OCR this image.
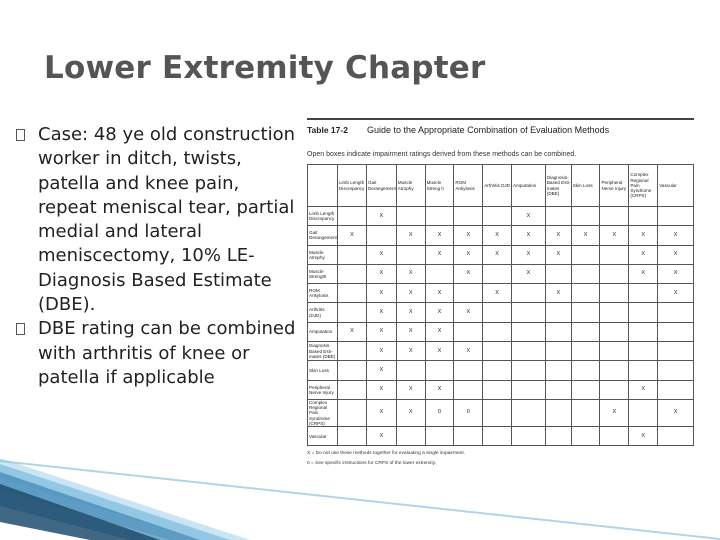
Lower Extremity Chapter
Case: 48 ye old construction worker in ditch, twists, patella and knee pain, repeat meniscal tear, partial medial and lateral meniscectomy, 10% LE- Diagnosis Based Estimate (DBE).
DBE rating can be combined with arthritis of knee or patella if applicable
Table 17-2 Guide to the Appropriate Combination of Evaluation Methods
Open boxes indicate impairment ratings derived from these methods can be combined.
	Limb Length Discrepancy	Gait Derangement	Muscle Atrophy	Muscle Streng h	ROM Ankylosis	Arthritis DJD	Amputation	Diagnosis-Based Esti- mates (DBE)	Skin Loss	Peripheral Nerve Injury	Complex Regional Pain Syndrome (CRPS)	Vascular
Limb Length Discrepancy		X					X					
Gait Derangement	X		X	X	X	X	X	X	X	X	X	X
Muscle Atrophy		X		X	X	X	X	X			X	X
Muscle Strength		X	X		X		X				X	X
ROM Ankylosis		X	X	X		X		X				X
Arthritis (DJD)		X	X	X	X							
Amputation	X	X	X	X								
Diagnosis-Based Esti- mates (DBE)		X	X	X	X							
Skin Loss		X										
Peripheral Nerve Injury		X	X	X							X	
Complex Regional Pain Syndrome (CRPS)		X	X	0	0					X		X
Vascular		X									X	
X = Do not use these methods together for evaluating a single impairment.
0 = See specific instructions for CRPS of the lower extremity.
